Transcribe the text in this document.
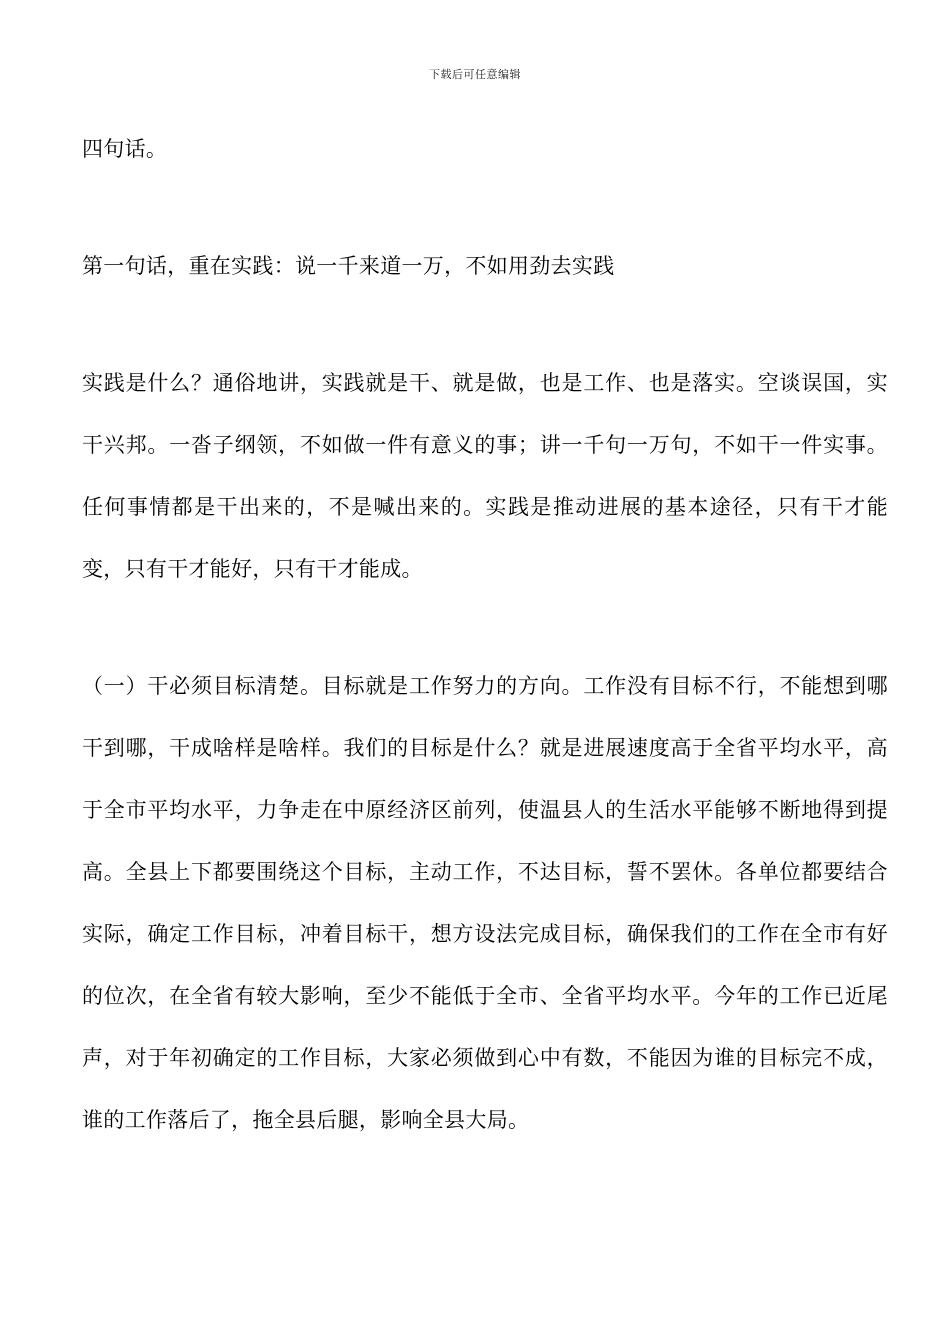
下载后可任意编辑

四句话。

第一句话，重在实践：说一千来道一万，不如用劲去实践

实践是什么？通俗地讲，实践就是干、就是做，也是工作、也是落实。空谈误国，实干兴邦。一沓子纲领，不如做一件有意义的事；讲一千句一万句，不如干一件实事。任何事情都是干出来的，不是喊出来的。实践是推动进展的基本途径，只有干才能变，只有干才能好，只有干才能成。

（一）干必须目标清楚。目标就是工作努力的方向。工作没有目标不行，不能想到哪干到哪，干成啥样是啥样。我们的目标是什么？就是进展速度高于全省平均水平，高于全市平均水平，力争走在中原经济区前列，使温县人的生活水平能够不断地得到提高。全县上下都要围绕这个目标，主动工作，不达目标，誓不罢休。各单位都要结合实际，确定工作目标，冲着目标干，想方设法完成目标，确保我们的工作在全市有好的位次，在全省有较大影响，至少不能低于全市、全省平均水平。今年的工作已近尾声，对于年初确定的工作目标，大家必须做到心中有数，不能因为谁的目标完不成，谁的工作落后了，拖全县后腿，影响全县大局。
